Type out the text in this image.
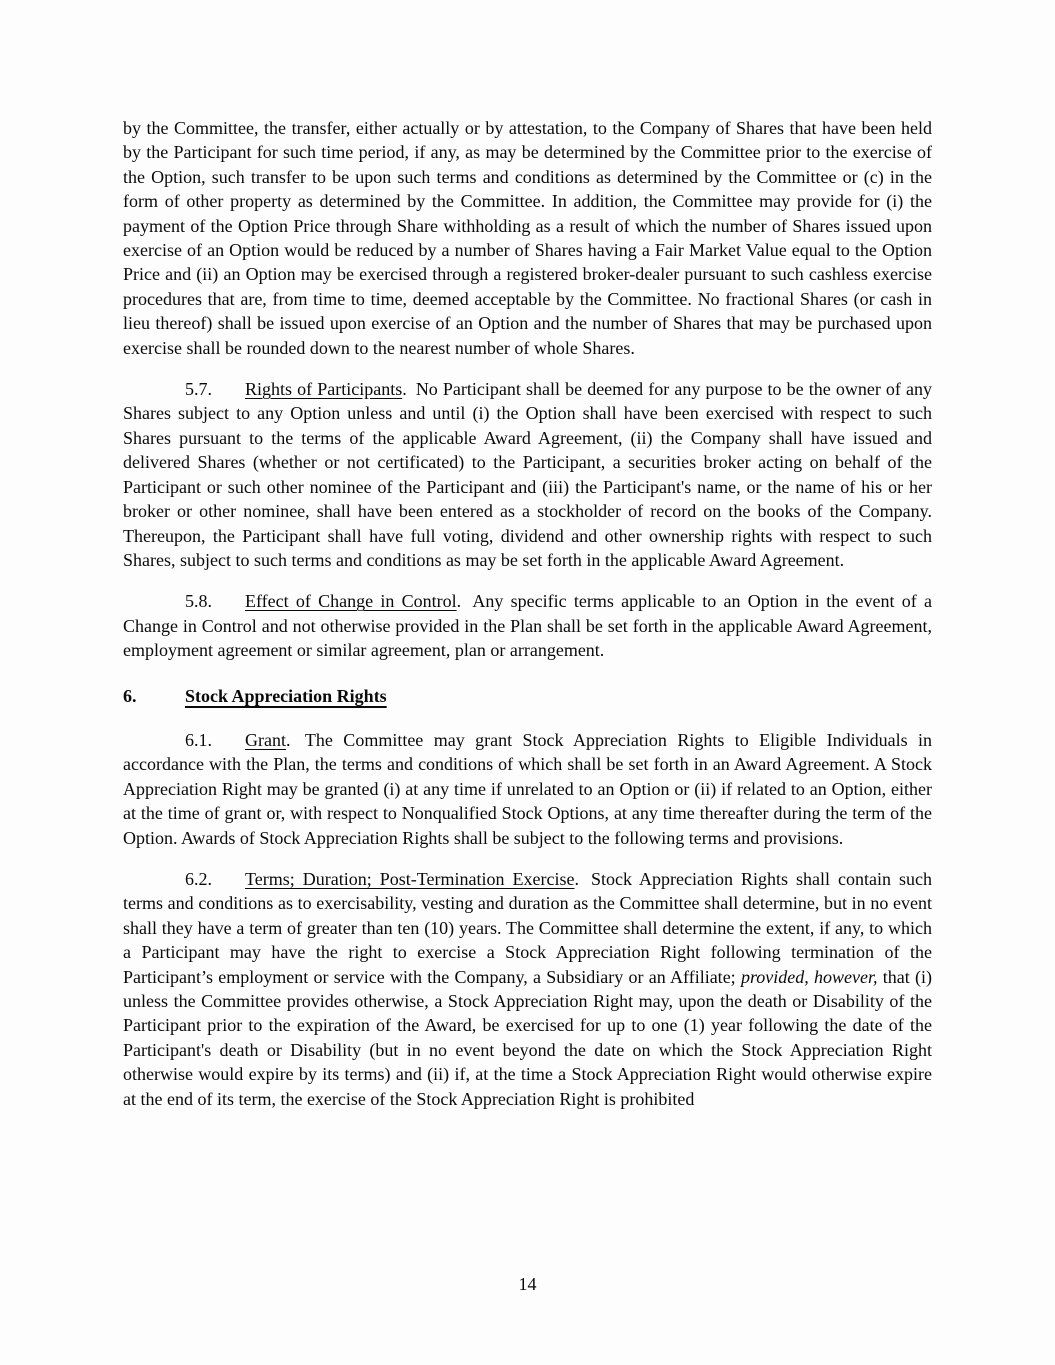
by the Committee, the transfer, either actually or by attestation, to the Company of Shares that have been held by the Participant for such time period, if any, as may be determined by the Committee prior to the exercise of the Option, such transfer to be upon such terms and conditions as determined by the Committee or (c) in the form of other property as determined by the Committee. In addition, the Committee may provide for (i) the payment of the Option Price through Share withholding as a result of which the number of Shares issued upon exercise of an Option would be reduced by a number of Shares having a Fair Market Value equal to the Option Price and (ii) an Option may be exercised through a registered broker-dealer pursuant to such cashless exercise procedures that are, from time to time, deemed acceptable by the Committee. No fractional Shares (or cash in lieu thereof) shall be issued upon exercise of an Option and the number of Shares that may be purchased upon exercise shall be rounded down to the nearest number of whole Shares.

5.7. Rights of Participants. No Participant shall be deemed for any purpose to be the owner of any Shares subject to any Option unless and until (i) the Option shall have been exercised with respect to such Shares pursuant to the terms of the applicable Award Agreement, (ii) the Company shall have issued and delivered Shares (whether or not certificated) to the Participant, a securities broker acting on behalf of the Participant or such other nominee of the Participant and (iii) the Participant's name, or the name of his or her broker or other nominee, shall have been entered as a stockholder of record on the books of the Company. Thereupon, the Participant shall have full voting, dividend and other ownership rights with respect to such Shares, subject to such terms and conditions as may be set forth in the applicable Award Agreement.

5.8. Effect of Change in Control. Any specific terms applicable to an Option in the event of a Change in Control and not otherwise provided in the Plan shall be set forth in the applicable Award Agreement, employment agreement or similar agreement, plan or arrangement.

6.	Stock Appreciation Rights

6.1. Grant. The Committee may grant Stock Appreciation Rights to Eligible Individuals in accordance with the Plan, the terms and conditions of which shall be set forth in an Award Agreement. A Stock Appreciation Right may be granted (i) at any time if unrelated to an Option or (ii) if related to an Option, either at the time of grant or, with respect to Nonqualified Stock Options, at any time thereafter during the term of the Option. Awards of Stock Appreciation Rights shall be subject to the following terms and provisions.

6.2. Terms; Duration; Post-Termination Exercise. Stock Appreciation Rights shall contain such terms and conditions as to exercisability, vesting and duration as the Committee shall determine, but in no event shall they have a term of greater than ten (10) years. The Committee shall determine the extent, if any, to which a Participant may have the right to exercise a Stock Appreciation Right following termination of the Participant’s employment or service with the Company, a Subsidiary or an Affiliate; provided, however, that (i) unless the Committee provides otherwise, a Stock Appreciation Right may, upon the death or Disability of the Participant prior to the expiration of the Award, be exercised for up to one (1) year following the date of the Participant's death or Disability (but in no event beyond the date on which the Stock Appreciation Right otherwise would expire by its terms) and (ii) if, at the time a Stock Appreciation Right would otherwise expire at the end of its term, the exercise of the Stock Appreciation Right is prohibited

14
